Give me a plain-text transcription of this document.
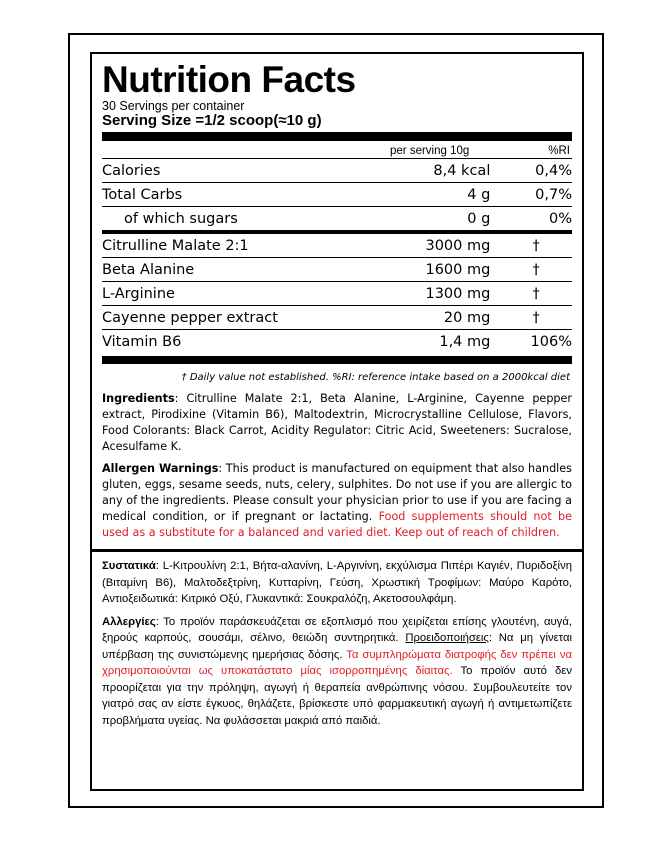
Nutrition Facts
30 Servings per container
Serving Size =1/2 scoop(≈10 g)
per serving 10g	%RI
Calories	8,4 kcal	0,4%
Total Carbs	4 g	0,7%
of which sugars	0 g	0%
Citrulline Malate 2:1	3000 mg	†
Beta Alanine	1600 mg	†
L-Arginine	1300 mg	†
Cayenne pepper extract	20 mg	†
Vitamin B6	1,4 mg	106%
† Daily value not established. %RI: reference intake based on a 2000kcal diet
Ingredients: Citrulline Malate 2:1, Beta Alanine, L-Arginine, Cayenne pepper extract, Pirodixine (Vitamin B6), Maltodextrin, Microcrystalline Cellulose, Flavors, Food Colorants: Black Carrot, Acidity Regulator: Citric Acid, Sweeteners: Sucralose, Acesulfame K.
Allergen Warnings: This product is manufactured on equipment that also handles gluten, eggs, sesame seeds, nuts, celery, sulphites. Do not use if you are allergic to any of the ingredients. Please consult your physician prior to use if you are facing a medical condition, or if pregnant or lactating. Food supplements should not be used as a substitute for a balanced and varied diet. Keep out of reach of children.
Συστατικά: L-Κιτρουλίνη 2:1, Βήτα-αλανίνη, L-Αργινίνη, εκχύλισμα Πιπέρι Καγιέν, Πυριδοξίνη (Βιταμίνη Β6), Μαλτοδεξτρίνη, Κυτταρίνη, Γεύση, Χρωστική Τροφίμων: Μαύρο Καρότο, Αντιοξειδωτικά: Κιτρικό Οξύ, Γλυκαντικά: Σουκραλόζη, Ακετοσουλφάμη.
Αλλεργίες: Το προϊόν παράσκευάζεται σε εξοπλισμό που χειρίζεται επίσης γλουτένη, αυγά, ξηρούς καρπούς, σουσάμι, σέλινο, θειώδη συντηρητικά. Προειδοποιήσεις: Να μη γίνεται υπέρβαση της συνιστώμενης ημερήσιας δόσης. Τα συμπληρώματα διατροφής δεν πρέπει να χρησιμοποιούνται ως υποκατάστατο μίας ισορροπημένης δίαιτας. Το προϊόν αυτό δεν προορίζεται για την πρόληψη, αγωγή ή θεραπεία ανθρώπινης νόσου. Συμβουλευτείτε τον γιατρό σας αν είστε έγκυος, θηλάζετε, βρίσκεστε υπό φαρμακευτική αγωγή ή αντιμετωπίζετε προβλήματα υγείας. Να φυλάσσεται μακριά από παιδιά.
